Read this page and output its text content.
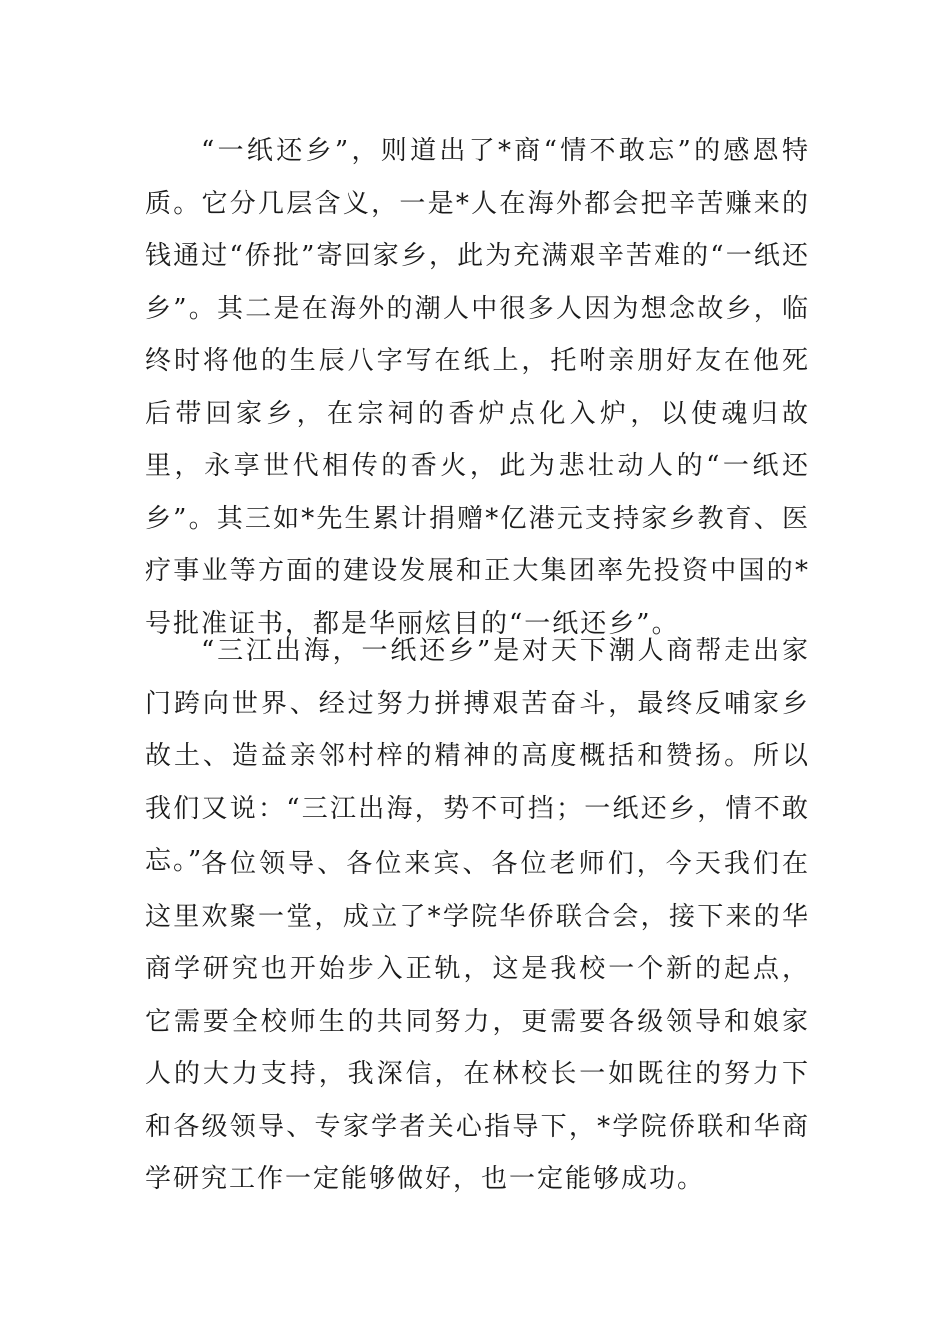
“一纸还乡”，则道出了*商“情不敢忘”的感恩特质。它分几层含义，一是*人在海外都会把辛苦赚来的钱通过“侨批”寄回家乡，此为充满艰辛苦难的“一纸还乡”。其二是在海外的潮人中很多人因为想念故乡，临终时将他的生辰八字写在纸上，托咐亲朋好友在他死后带回家乡，在宗祠的香炉点化入炉，以使魂归故里，永享世代相传的香火，此为悲壮动人的“一纸还乡”。其三如*先生累计捐赠*亿港元支持家乡教育、医疗事业等方面的建设发展和正大集团率先投资中国的*号批准证书，都是华丽炫目的“一纸还乡”。

“三江出海，一纸还乡”是对天下潮人商帮走出家门跨向世界、经过努力拼搏艰苦奋斗，最终反哺家乡故土、造益亲邻村梓的精神的高度概括和赞扬。所以我们又说：“三江出海，势不可挡；一纸还乡，情不敢忘。”

各位领导、各位来宾、各位老师们，今天我们在这里欢聚一堂，成立了*学院华侨联合会，接下来的华商学研究也开始步入正轨，这是我校一个新的起点，它需要全校师生的共同努力，更需要各级领导和娘家人的大力支持，我深信，在林校长一如既往的努力下和各级领导、专家学者关心指导下，*学院侨联和华商学研究工作一定能够做好，也一定能够成功。
